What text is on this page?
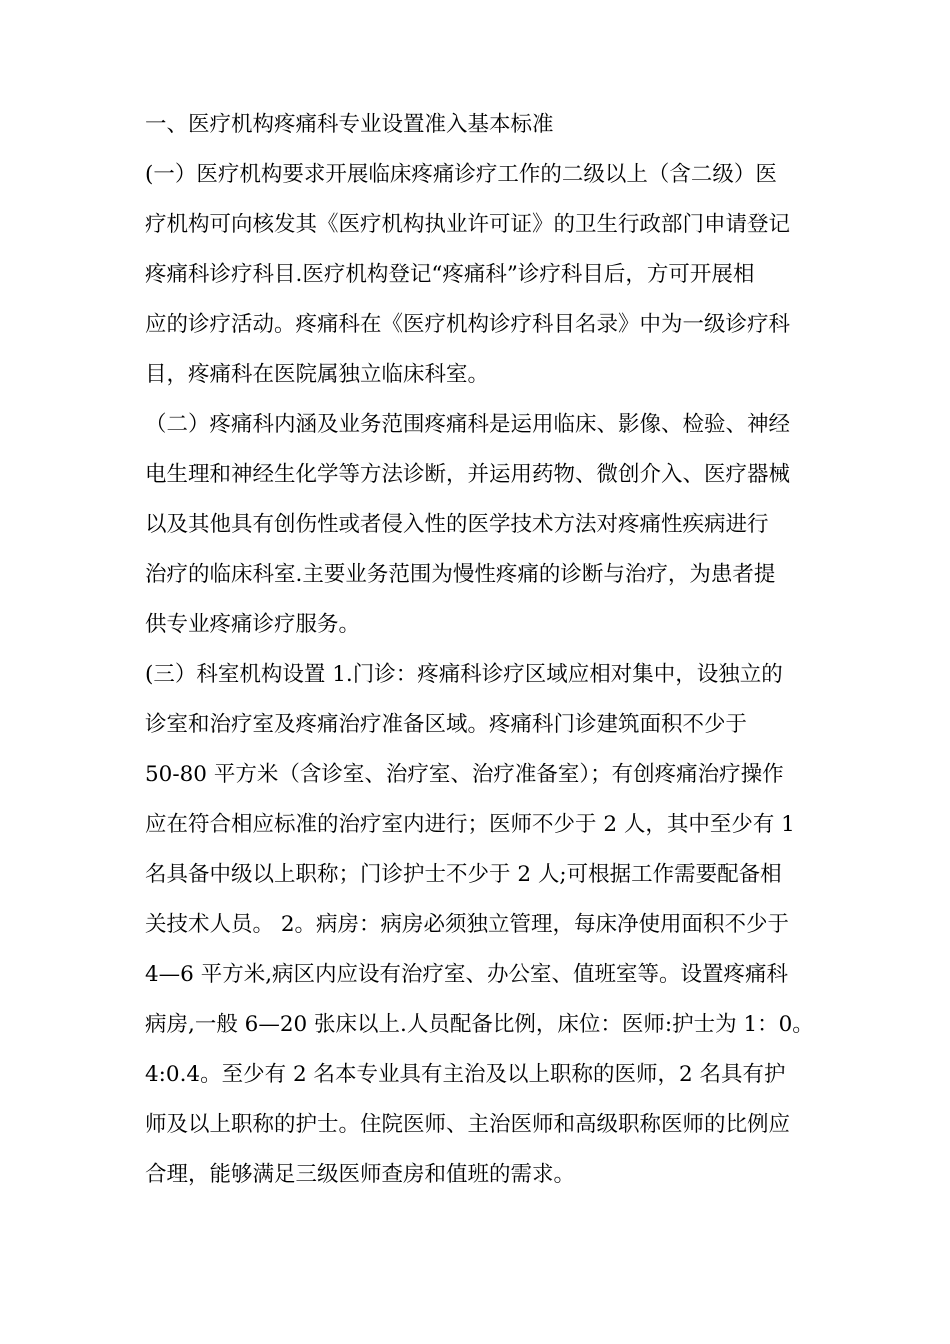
一、医疗机构疼痛科专业设置准入基本标准
(一）医疗机构要求开展临床疼痛诊疗工作的二级以上（含二级）医
疗机构可向核发其《医疗机构执业许可证》的卫生行政部门申请登记
疼痛科诊疗科目.医疗机构登记“疼痛科”诊疗科目后，方可开展相
应的诊疗活动。疼痛科在《医疗机构诊疗科目名录》中为一级诊疗科
目，疼痛科在医院属独立临床科室。
（二）疼痛科内涵及业务范围疼痛科是运用临床、影像、检验、神经
电生理和神经生化学等方法诊断，并运用药物、微创介入、医疗器械
以及其他具有创伤性或者侵入性的医学技术方法对疼痛性疾病进行
治疗的临床科室.主要业务范围为慢性疼痛的诊断与治疗，为患者提
供专业疼痛诊疗服务。
(三）科室机构设置 1.门诊：疼痛科诊疗区域应相对集中，设独立的
诊室和治疗室及疼痛治疗准备区域。疼痛科门诊建筑面积不少于
50-80 平方米（含诊室、治疗室、治疗准备室）；有创疼痛治疗操作
应在符合相应标准的治疗室内进行；医师不少于 2 人，其中至少有 1
名具备中级以上职称；门诊护士不少于 2 人;可根据工作需要配备相
关技术人员。 2。病房：病房必须独立管理，每床净使用面积不少于
4—6 平方米,病区内应设有治疗室、办公室、值班室等。设置疼痛科
病房,一般 6—20 张床以上.人员配备比例，床位：医师:护士为 1：0。
4:0.4。至少有 2 名本专业具有主治及以上职称的医师，2 名具有护
师及以上职称的护士。住院医师、主治医师和高级职称医师的比例应
合理，能够满足三级医师查房和值班的需求。
